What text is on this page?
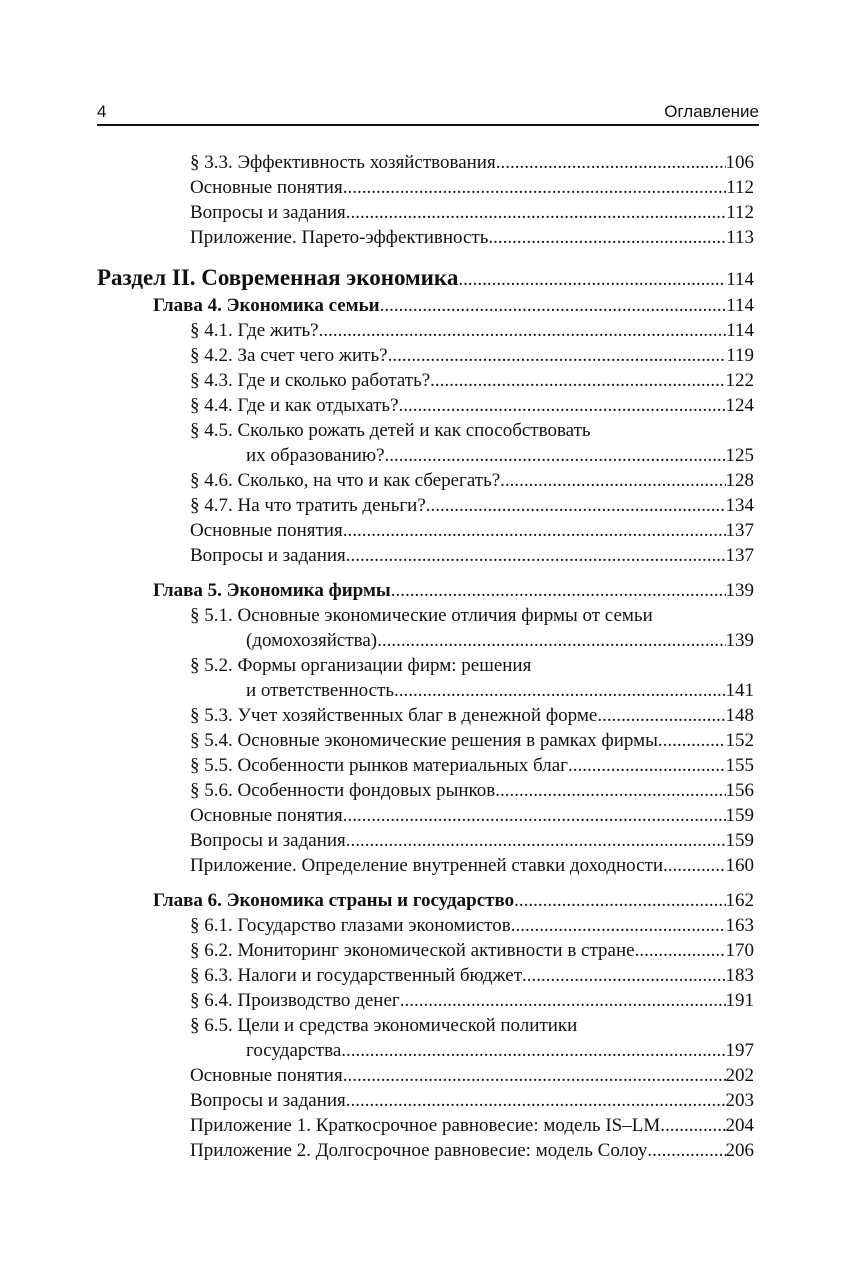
4	Оглавление
§ 3.3. Эффективность хозяйствования .....	106
Основные понятия .....	112
Вопросы и задания .....	112
Приложение. Парето-эффективность .....	113
Раздел II. Современная экономика .....	114
Глава 4. Экономика семьи .....	114
§ 4.1. Где жить? .....	114
§ 4.2. За счет чего жить? .....	119
§ 4.3. Где и сколько работать? .....	122
§ 4.4. Где и как отдыхать? .....	124
§ 4.5. Сколько рожать детей и как способствовать
их образованию? .....	125
§ 4.6. Сколько, на что и как сберегать? .....	128
§ 4.7. На что тратить деньги? .....	134
Основные понятия .....	137
Вопросы и задания .....	137
Глава 5. Экономика фирмы .....	139
§ 5.1. Основные экономические отличия фирмы от семьи
(домохозяйства) .....	139
§ 5.2. Формы организации фирм: решения
и ответственность .....	141
§ 5.3. Учет хозяйственных благ в денежной форме .....	148
§ 5.4. Основные экономические решения в рамках фирмы .....	152
§ 5.5. Особенности рынков материальных благ .....	155
§ 5.6. Особенности фондовых рынков .....	156
Основные понятия .....	159
Вопросы и задания .....	159
Приложение. Определение внутренней ставки доходности .....	160
Глава 6. Экономика страны и государство .....	162
§ 6.1. Государство глазами экономистов .....	163
§ 6.2. Мониторинг экономической активности в стране .....	170
§ 6.3. Налоги и государственный бюджет .....	183
§ 6.4. Производство денег .....	191
§ 6.5. Цели и средства экономической политики
государства .....	197
Основные понятия .....	202
Вопросы и задания .....	203
Приложение 1. Краткосрочное равновесие: модель IS–LM .....	204
Приложение 2. Долгосрочное равновесие: модель Солоу .....	206
